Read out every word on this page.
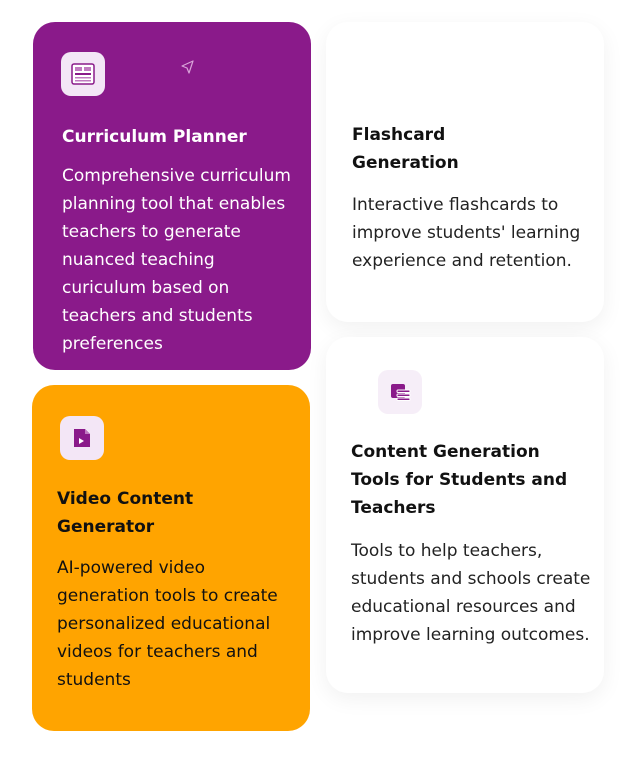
Curriculum Planner

Comprehensive curriculum planning tool that enables teachers to generate nuanced teaching curiculum based on teachers and students preferences

Flashcard Generation

Interactive flashcards to improve students' learning experience and retention.

Video Content Generator

AI-powered video generation tools to create personalized educational videos for teachers and students

Content Generation Tools for Students and Teachers

Tools to help teachers, students and schools create educational resources and improve learning outcomes.
